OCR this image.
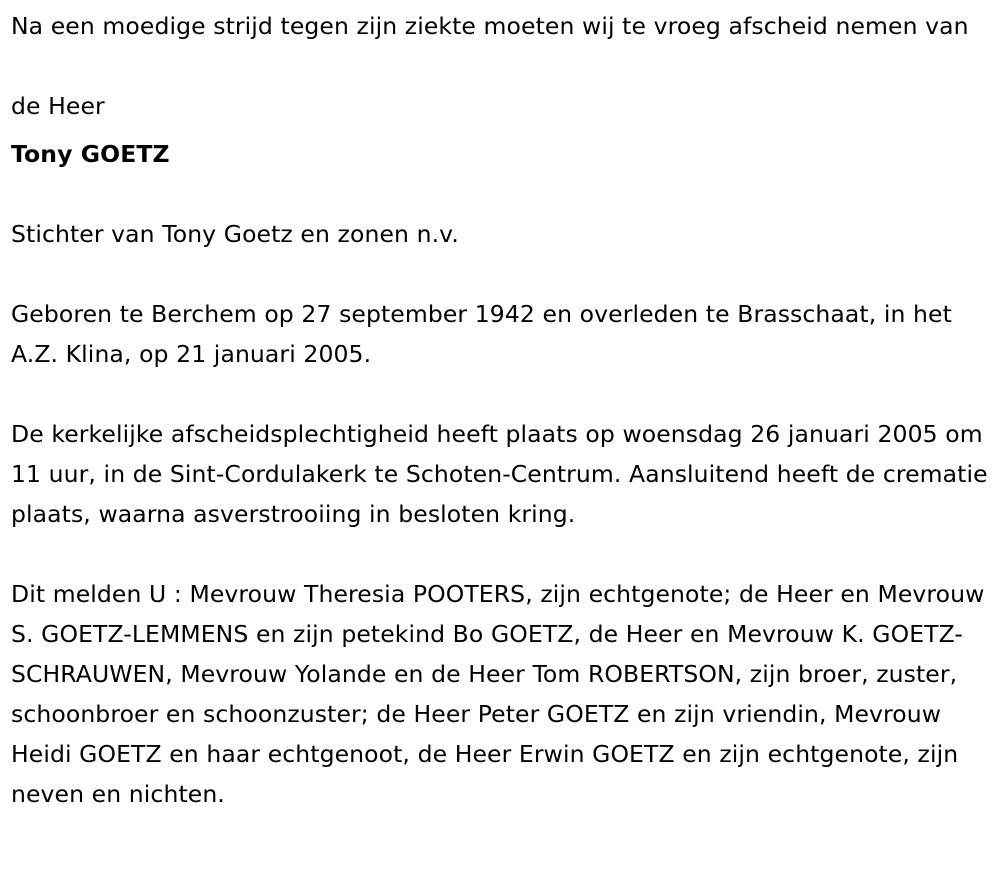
Na een moedige strijd tegen zijn ziekte moeten wij te vroeg afscheid nemen van

de Heer

Tony GOETZ

Stichter van Tony Goetz en zonen n.v.

Geboren te Berchem op 27 september 1942 en overleden te Brasschaat, in het A.Z. Klina, op 21 januari 2005.

De kerkelijke afscheidsplechtigheid heeft plaats op woensdag 26 januari 2005 om 11 uur, in de Sint-Cordulakerk te Schoten-Centrum. Aansluitend heeft de crematie plaats, waarna asverstrooiing in besloten kring.

Dit melden U : Mevrouw Theresia POOTERS, zijn echtgenote; de Heer en Mevrouw S. GOETZ-LEMMENS en zijn petekind Bo GOETZ, de Heer en Mevrouw K. GOETZ-SCHRAUWEN, Mevrouw Yolande en de Heer Tom ROBERTSON, zijn broer, zuster, schoonbroer en schoonzuster; de Heer Peter GOETZ en zijn vriendin, Mevrouw Heidi GOETZ en haar echtgenoot, de Heer Erwin GOETZ en zijn echtgenote, zijn neven en nichten.
